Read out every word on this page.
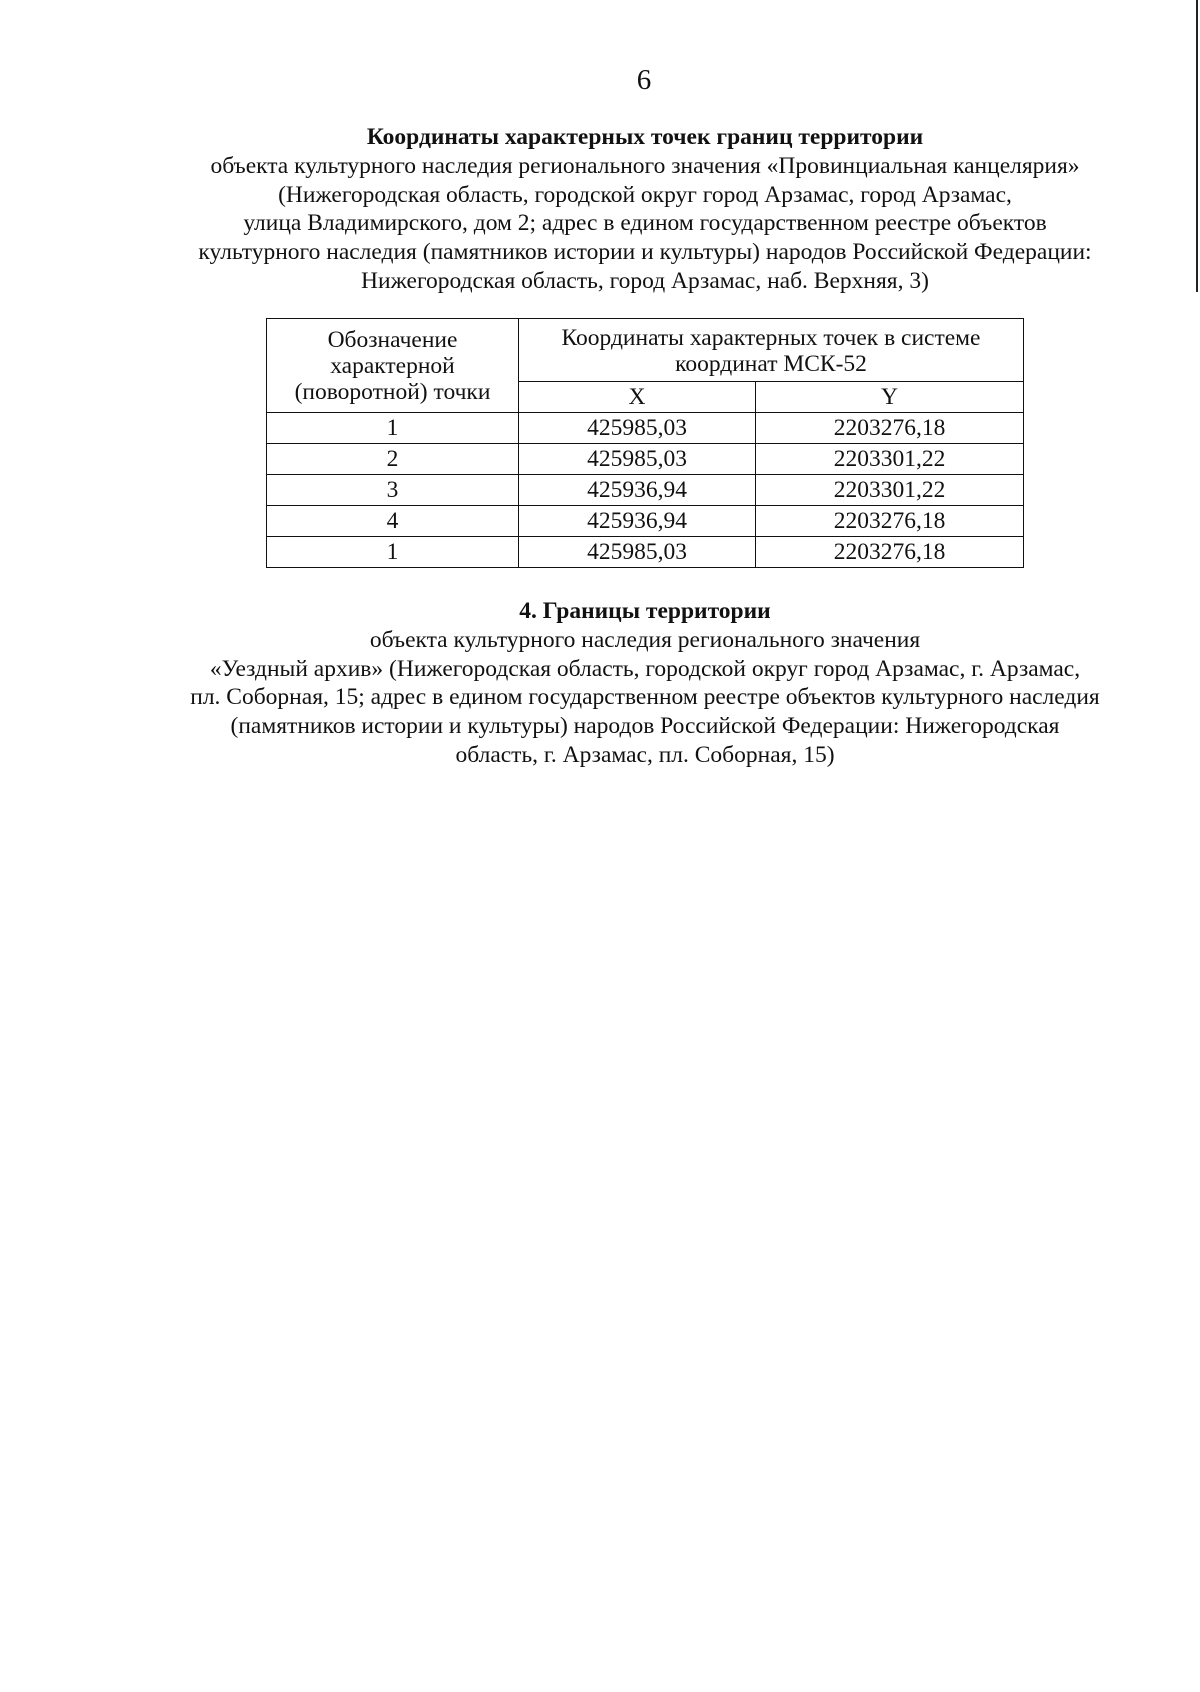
6
Координаты характерных точек границ территории
объекта культурного наследия регионального значения «Провинциальная канцелярия»
(Нижегородская область, городской округ город Арзамас, город Арзамас,
улица Владимирского, дом 2; адрес в едином государственном реестре объектов
культурного наследия (памятников истории и культуры) народов Российской Федерации:
Нижегородская область, город Арзамас, наб. Верхняя, 3)
Обозначение
характерной
(поворотной) точки	Координаты характерных точек в системе
координат МСК-52	

	X	Y
1	425985,03	2203276,18
2	425985,03	2203301,22
3	425936,94	2203301,22
4	425936,94	2203276,18
1	425985,03	2203276,18
4. Границы территории
объекта культурного наследия регионального значения
«Уездный архив» (Нижегородская область, городской округ город Арзамас, г. Арзамас,
пл. Соборная, 15; адрес в едином государственном реестре объектов культурного наследия
(памятников истории и культуры) народов Российской Федерации: Нижегородская
область, г. Арзамас, пл. Соборная, 15)
